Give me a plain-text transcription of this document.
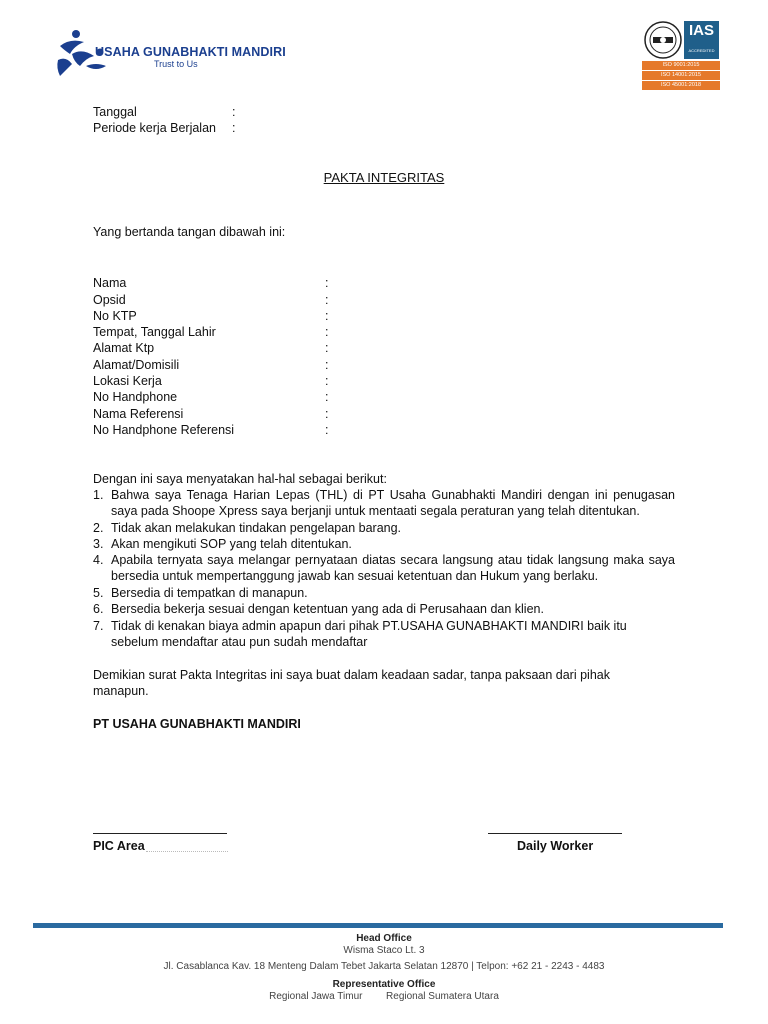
USAHA GUNABHAKTI MANDIRI
Trust to Us
IAS
ACCREDITED
ISO 9001:2015
ISO 14001:2015
ISO 45001:2018
Tanggal	:
Periode kerja Berjalan :
PAKTA INTEGRITAS
Yang bertanda tangan dibawah ini:
Nama	:
Opsid	:
No KTP	:
Tempat, Tanggal Lahir	:
Alamat Ktp	:
Alamat/Domisili	:
Lokasi Kerja	:
No Handphone	:
Nama Referensi	:
No Handphone Referensi	:
Dengan ini saya menyatakan hal-hal sebagai berikut:
1. Bahwa saya Tenaga Harian Lepas (THL) di PT Usaha Gunabhakti Mandiri dengan ini penugasan saya pada Shoope Xpress saya berjanji untuk mentaati segala peraturan yang telah ditentukan.
2. Tidak akan melakukan tindakan pengelapan barang.
3. Akan mengikuti SOP yang telah ditentukan.
4. Apabila ternyata saya melangar pernyataan diatas secara langsung atau tidak langsung maka saya bersedia untuk mempertanggung jawab kan sesuai ketentuan dan Hukum yang berlaku.
5. Bersedia di tempatkan di manapun.
6. Bersedia bekerja sesuai dengan ketentuan yang ada di Perusahaan dan klien.
7. Tidak di kenakan biaya admin apapun dari pihak PT.USAHA GUNABHAKTI MANDIRI baik itu sebelum mendaftar atau pun sudah mendaftar
Demikian surat Pakta Integritas ini saya buat dalam keadaan sadar, tanpa paksaan dari pihak manapun.
PT USAHA GUNABHAKTI MANDIRI
PIC Area	Daily Worker
Head Office
Wisma Staco Lt. 3
Jl. Casablanca Kav. 18 Menteng Dalam Tebet Jakarta Selatan 12870 | Telpon: +62 21 - 2243 - 4483
Representative Office
Regional Jawa Timur Regional Sumatera Utara
